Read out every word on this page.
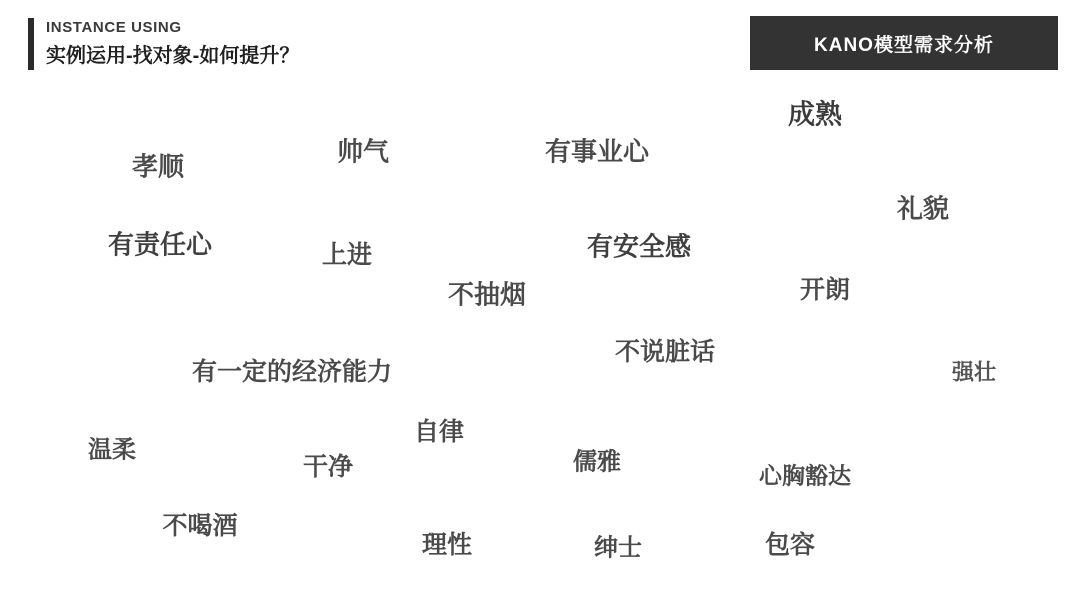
INSTANCE USING
实例运用-找对象-如何提升？	KANO模型需求分析
成熟
孝顺	帅气	有事业心
礼貌
有责任心	上进	有安全感
开朗
不抽烟
不说脏话
强壮
有一定的经济能力
自律
温柔	儒雅
干净	心胸豁达
不喝酒
理性	绅士	包容
